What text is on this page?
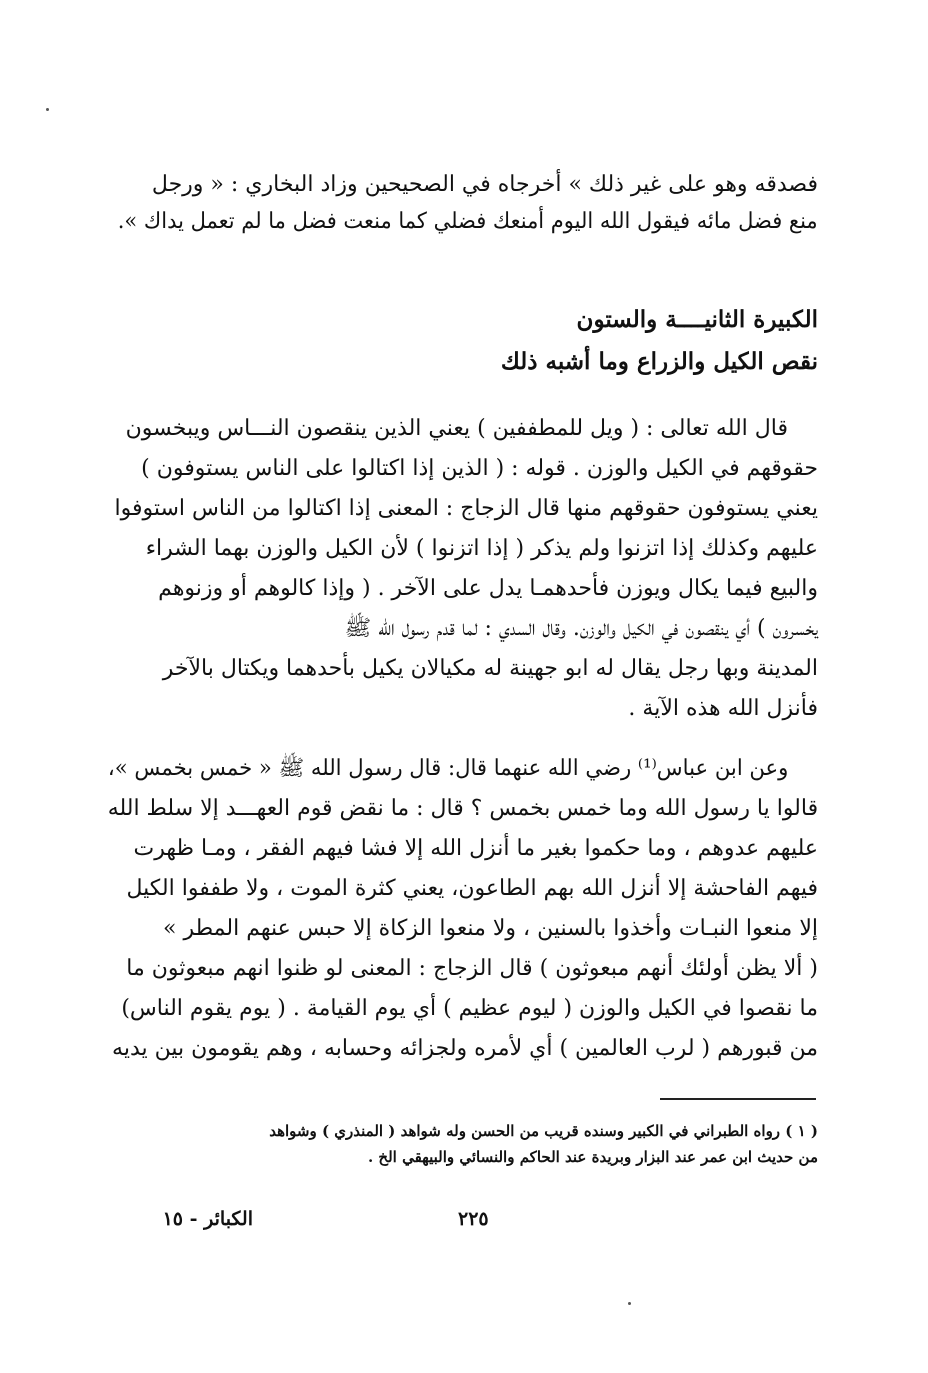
فصدقه وهو على غير ذلك » أخرجاه في الصحيحين وزاد البخاري : « ورجل
منع فضل مائه فيقول الله اليوم أمنعك فضلي كما منعت فضل ما لم تعمل يداك ».
الكبيرة الثانيــــة والستون
نقص الكيل والزراع وما أشبه ذلك
قال الله تعالى : ( ويل للمطففين ) يعني الذين ينقصون النـــاس ويبخسون
حقوقهم في الكيل والوزن . قوله : ( الذين إذا اكتالوا على الناس يستوفون )
يعني يستوفون حقوقهم منها قال الزجاج : المعنى إذا اكتالوا من الناس استوفوا
عليهم وكذلك إذا اتزنوا ولم يذكر ( إذا اتزنوا ) لأن الكيل والوزن بهما الشراء
والبيع فيما يكال ويوزن فأحدهمـا يدل على الآخر . ( وإذا كالوهم أو وزنوهم
يخسرون ) أي ينقصون في الكيل والوزن. وقال السدي : لما قدم رسول الله ﷺ
المدينة وبها رجل يقال له ابو جهينة له مكيالان يكيل بأحدهما ويكتال بالآخر
فأنزل الله هذه الآية .
وعن ابن عباس⁽¹⁾ رضي الله عنهما قال: قال رسول الله ﷺ « خمس بخمس »،
قالوا يا رسول الله وما خمس بخمس ؟ قال : ما نقض قوم العهـــد إلا سلط الله
عليهم عدوهم ، وما حكموا بغير ما أنزل الله إلا فشا فيهم الفقر ، ومـا ظهرت
فيهم الفاحشة إلا أنزل الله بهم الطاعون، يعني كثرة الموت ، ولا طففوا الكيل
إلا منعوا النبـات وأخذوا بالسنين ، ولا منعوا الزكاة إلا حبس عنهم المطر »
( ألا يظن أولئك أنهم مبعوثون ) قال الزجاج : المعنى لو ظنوا انهم مبعوثون ما
ما نقصوا في الكيل والوزن ( ليوم عظيم ) أي يوم القيامة . ( يوم يقوم الناس)
من قبورهم ( لرب العالمين ) أي لأمره ولجزائه وحسابه ، وهم يقومون بين يديه
( ١ ) رواه الطبراني في الكبير وسنده قريب من الحسن وله شواهد ( المنذري ) وشواهد
من حديث ابن عمر عند البزار وبريدة عند الحاكم والنسائي والبيهقي الخ .
٢٢٥
الكبائر - ١٥
